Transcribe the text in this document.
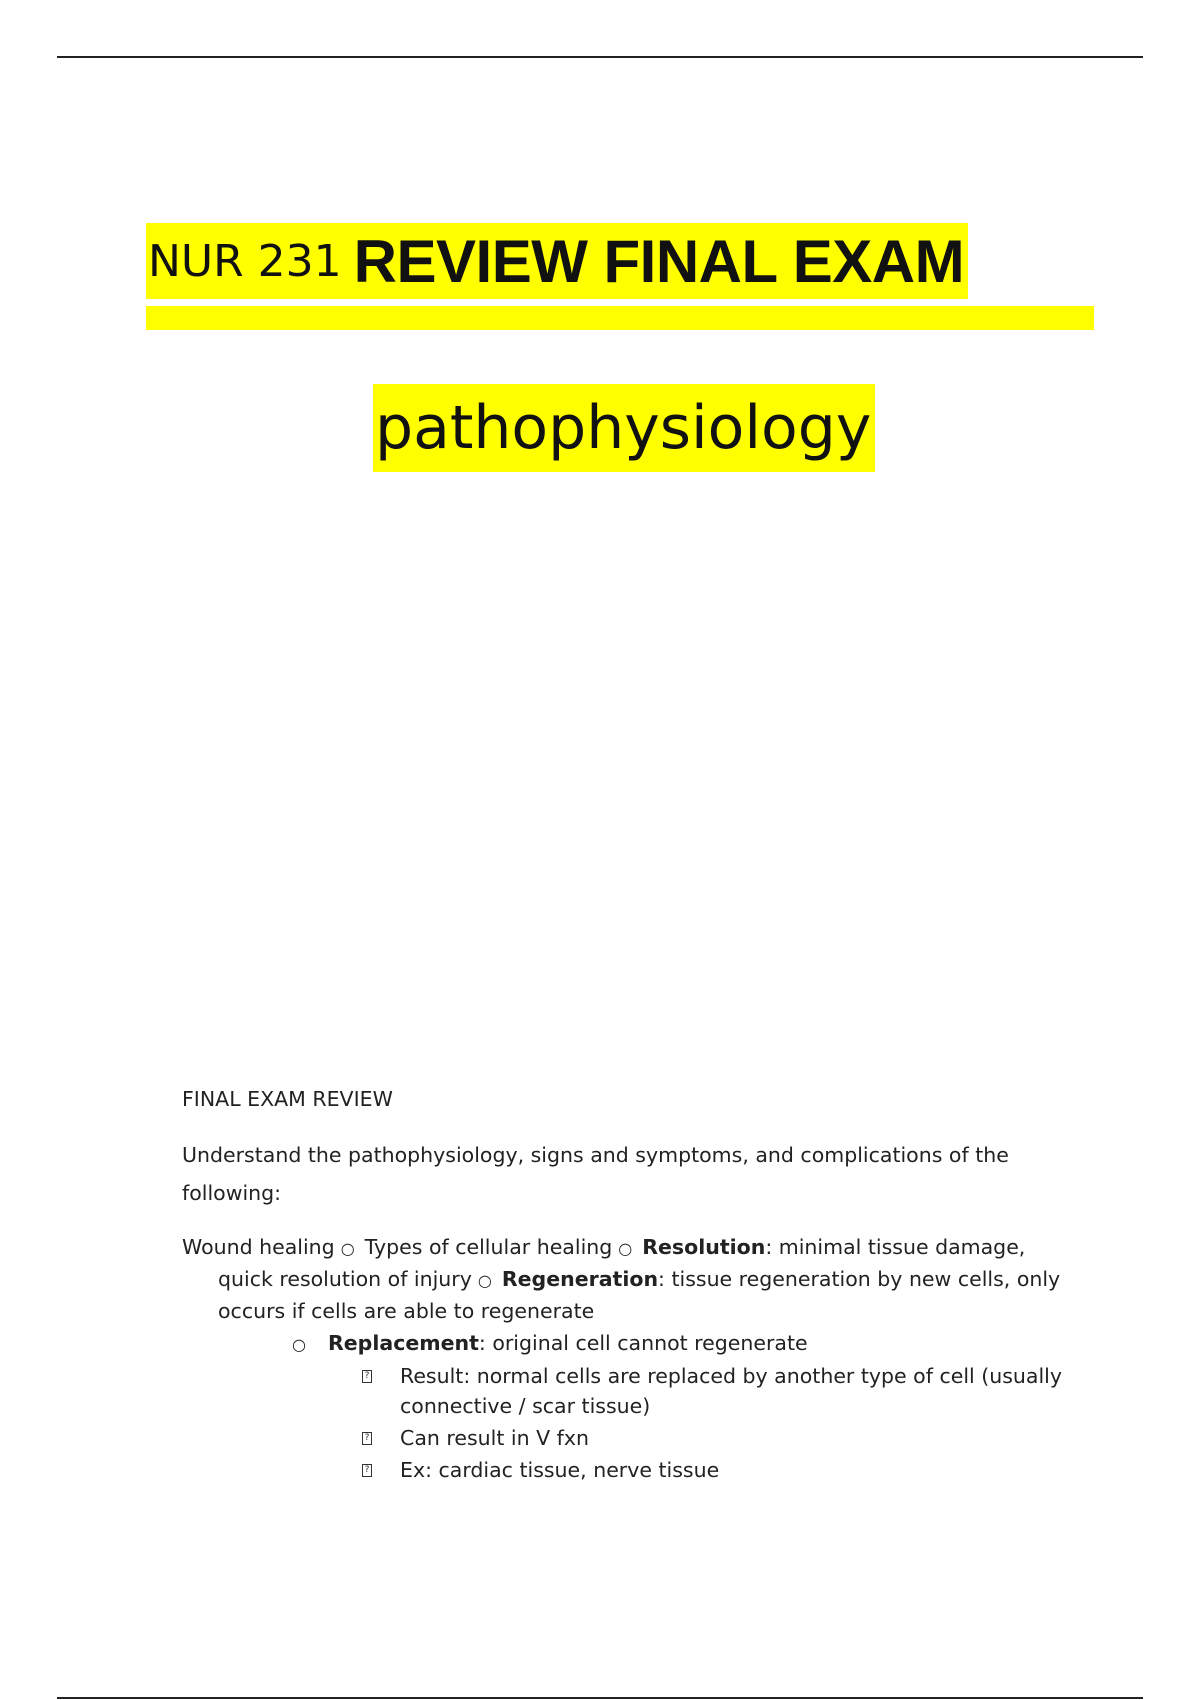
NUR 231 REVIEW FINAL EXAM
pathophysiology

FINAL EXAM REVIEW

Understand the pathophysiology, signs and symptoms, and complications of the following:

Wound healing ○ Types of cellular healing ○ Resolution: minimal tissue damage, quick resolution of injury ○ Regeneration: tissue regeneration by new cells, only occurs if cells are able to regenerate

○ Replacement: original cell cannot regenerate

? Result: normal cells are replaced by another type of cell (usually connective / scar tissue)

? Can result in V fxn

? Ex: cardiac tissue, nerve tissue
